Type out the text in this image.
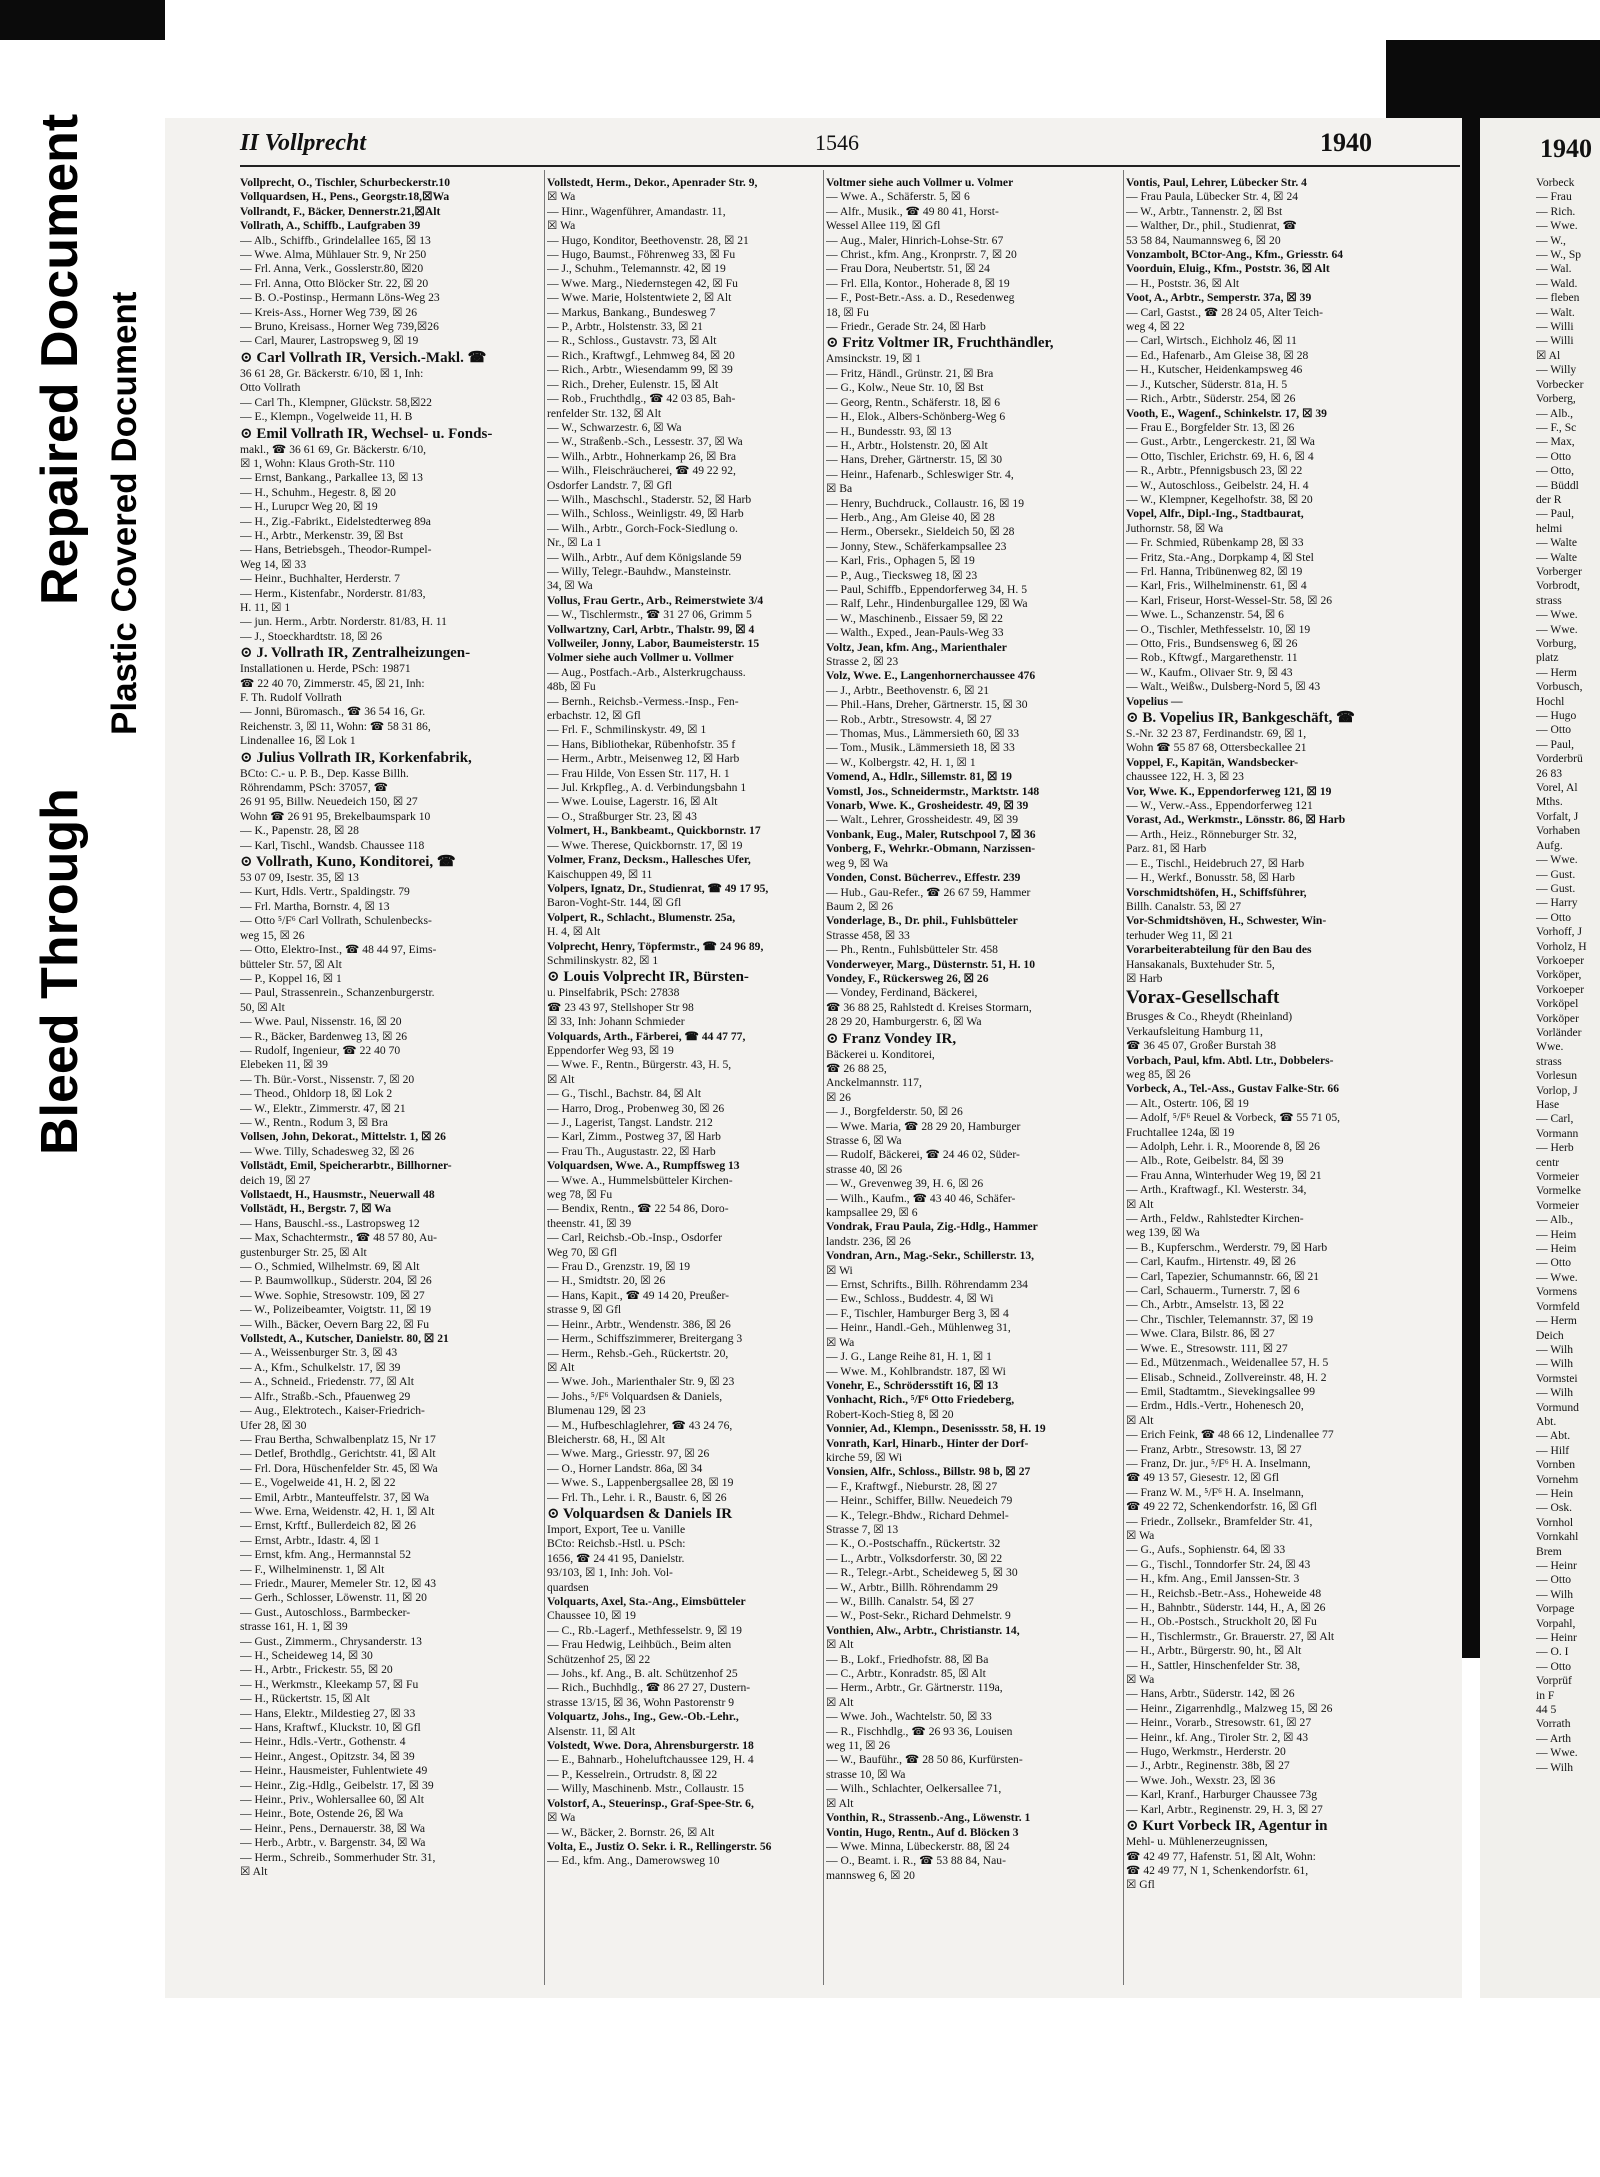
Bleed Through
Repaired Document Plastic Covered Document
II Vollprecht	1546	1940
Vollprecht, O., Tischler, Schurbeckerstr.10
Vollquardsen, H., Pens., Georgstr.18,☒Wa
Vollrandt, F., Bäcker, Dennerstr.21,☒Alt
Vollrath, A., Schiffb., Laufgraben 39
— Alb., Schiffb., Grindelallee 165, ☒ 13
— Wwe. Alma, Mühlauer Str. 9, Nr 250
— Frl. Anna, Verk., Gosslerstr.80, ☒20
— Frl. Anna, Otto Blöcker Str. 22, ☒ 20
— B. O.-Postinsp., Hermann Löns-Weg 23
— Kreis-Ass., Horner Weg 739, ☒ 26
— Bruno, Kreisass., Horner Weg 739,☒26
— Carl, Maurer, Lastropsweg 9, ☒ 19
⊙ Carl Vollrath IR, Versich.-Makl. ☎
36 61 28, Gr. Bäckerstr. 6/10, ☒ 1, Inh:
Otto Vollrath
— Carl Th., Klempner, Glückstr. 58,☒22
— E., Klempn., Vogelweide 11, H. B
⊙ Emil Vollrath IR, Wechsel- u. Fonds-
makl., ☎ 36 61 69, Gr. Bäckerstr. 6/10,
☒ 1, Wohn: Klaus Groth-Str. 110
— Ernst, Bankang., Parkallee 13, ☒ 13
— H., Schuhm., Hegestr. 8, ☒ 20
— H., Lurupcr Weg 20, ☒ 19
— H., Zig.-Fabrikt., Eidelstedterweg 89a
— H., Arbtr., Merkenstr. 39, ☒ Bst
— Hans, Betriebsgeh., Theodor-Rumpel-
Weg 14, ☒ 33
— Heinr., Buchhalter, Herderstr. 7
— Herm., Kistenfabr., Norderstr. 81/83,
H. 11, ☒ 1
— jun. Herm., Arbtr. Norderstr. 81/83, H. 11
— J., Stoeckhardtstr. 18, ☒ 26
⊙ J. Vollrath IR, Zentralheizungen-
Installationen u. Herde, PSch: 19871
☎ 22 40 70, Zimmerstr. 45, ☒ 21, Inh:
F. Th. Rudolf Vollrath
— Jonni, Büromasch., ☎ 36 54 16, Gr.
Reichenstr. 3, ☒ 11, Wohn: ☎ 58 31 86,
Lindenallee 16, ☒ Lok 1
⊙ Julius Vollrath IR, Korkenfabrik,
BCto: C.- u. P. B., Dep. Kasse Billh.
Röhrendamm, PSch: 37057, ☎
26 91 95, Billw. Neuedeich 150, ☒ 27
Wohn ☎ 26 91 95, Brekelbaumspark 10
— K., Papenstr. 28, ☒ 28
— Karl, Tischl., Wandsb. Chaussee 118
⊙ Vollrath, Kuno, Konditorei, ☎
53 07 09, Isestr. 35, ☒ 13
— Kurt, Hdls. Vertr., Spaldingstr. 79
— Frl. Martha, Bornstr. 4, ☒ 13
— Otto ⁵/F⁶ Carl Vollrath, Schulenbecks-
weg 15, ☒ 26
— Otto, Elektro-Inst., ☎ 48 44 97, Eims-
bütteler Str. 57, ☒ Alt
— P., Koppel 16, ☒ 1
— Paul, Strassenrein., Schanzenburgerstr.
50, ☒ Alt
— Wwe. Paul, Nissenstr. 16, ☒ 20
— R., Bäcker, Bardenweg 13, ☒ 26
— Rudolf, Ingenieur, ☎ 22 40 70
Elebeken 11, ☒ 39
— Th. Bür.-Vorst., Nissenstr. 7, ☒ 20
— Theod., Ohldorp 18, ☒ Lok 2
— W., Elektr., Zimmerstr. 47, ☒ 21
— W., Rentn., Rodum 3, ☒ Bra
Vollsen, John, Dekorat., Mittelstr. 1, ☒ 26
— Wwe. Tilly, Schadesweg 32, ☒ 26
Vollstädt, Emil, Speicherarbtr., Billhorner-
deich 19, ☒ 27
Vollstaedt, H., Hausmstr., Neuerwall 48
Vollstädt, H., Bergstr. 7, ☒ Wa
— Hans, Bauschl.-ss., Lastropsweg 12
— Max, Schachtermstr., ☎ 48 57 80, Au-
gustenburger Str. 25, ☒ Alt
— O., Schmied, Wilhelmstr. 69, ☒ Alt
— P. Baumwollkup., Süderstr. 204, ☒ 26
— Wwe. Sophie, Stresowstr. 109, ☒ 27
— W., Polizeibeamter, Voigtstr. 11, ☒ 19
— Wilh., Bäcker, Oevern Barg 22, ☒ Fu
Vollstedt, A., Kutscher, Danielstr. 80, ☒ 21
— A., Weissenburger Str. 3, ☒ 43
— A., Kfm., Schulkelstr. 17, ☒ 39
— A., Schneid., Friedenstr. 77, ☒ Alt
— Alfr., Straßb.-Sch., Pfauenweg 29
— Aug., Elektrotech., Kaiser-Friedrich-
Ufer 28, ☒ 30
— Frau Bertha, Schwalbenplatz 15, Nr 17
— Detlef, Brothdlg., Gerichtstr. 41, ☒ Alt
— Frl. Dora, Hüschenfelder Str. 45, ☒ Wa
— E., Vogelweide 41, H. 2, ☒ 22
— Emil, Arbtr., Manteuffelstr. 37, ☒ Wa
— Wwe. Erna, Weidenstr. 42, H. 1, ☒ Alt
— Ernst, Krftf., Bullerdeich 82, ☒ 26
— Ernst, Arbtr., Idastr. 4, ☒ 1
— Ernst, kfm. Ang., Hermannstal 52
— F., Wilhelminenstr. 1, ☒ Alt
— Friedr., Maurer, Memeler Str. 12, ☒ 43
— Gerh., Schlosser, Löwenstr. 11, ☒ 20
— Gust., Autoschloss., Barmbecker-
strasse 161, H. 1, ☒ 39
— Gust., Zimmerm., Chrysanderstr. 13
— H., Scheideweg 14, ☒ 30
— H., Arbtr., Frickestr. 55, ☒ 20
— H., Werkmstr., Kleekamp 57, ☒ Fu
— H., Rückertstr. 15, ☒ Alt
— Hans, Elektr., Mildestieg 27, ☒ 33
— Hans, Kraftwf., Kluckstr. 10, ☒ Gfl
— Heinr., Hdls.-Vertr., Gothenstr. 4
— Heinr., Angest., Opitzstr. 34, ☒ 39
— Heinr., Hausmeister, Fuhlentwiete 49
— Heinr., Zig.-Hdlg., Geibelstr. 17, ☒ 39
— Heinr., Priv., Wohlersallee 60, ☒ Alt
— Heinr., Bote, Ostende 26, ☒ Wa
— Heinr., Pens., Dernauerstr. 38, ☒ Wa
— Herb., Arbtr., v. Bargenstr. 34, ☒ Wa
— Herm., Schreib., Sommerhuder Str. 31,
☒ Alt
Vollstedt, Herm., Dekor., Apenrader Str. 9,
☒ Wa
— Hinr., Wagenführer, Amandastr. 11,
☒ Wa
— Hugo, Konditor, Beethovenstr. 28, ☒ 21
— Hugo, Baumst., Föhrenweg 33, ☒ Fu
— J., Schuhm., Telemannstr. 42, ☒ 19
— Wwe. Marg., Niedernstegen 42, ☒ Fu
— Wwe. Marie, Holstentwiete 2, ☒ Alt
— Markus, Bankang., Bundesweg 7
— P., Arbtr., Holstenstr. 33, ☒ 21
— R., Schloss., Gustavstr. 73, ☒ Alt
— Rich., Kraftwgf., Lehmweg 84, ☒ 20
— Rich., Arbtr., Wiesendamm 99, ☒ 39
— Rich., Dreher, Eulenstr. 15, ☒ Alt
— Rob., Fruchthdlg., ☎ 42 03 85, Bah-
renfelder Str. 132, ☒ Alt
— W., Schwarzestr. 6, ☒ Wa
— W., Straßenb.-Sch., Lessestr. 37, ☒ Wa
— Wilh., Arbtr., Hohnerkamp 26, ☒ Bra
— Wilh., Fleischräucherei, ☎ 49 22 92,
Osdorfer Landstr. 7, ☒ Gfl
— Wilh., Maschschl., Staderstr. 52, ☒ Harb
— Wilh., Schloss., Weinligstr. 49, ☒ Harb
— Wilh., Arbtr., Gorch-Fock-Siedlung o.
Nr., ☒ La 1
— Wilh., Arbtr., Auf dem Königslande 59
— Willy, Telegr.-Bauhdw., Mansteinstr.
34, ☒ Wa
Vollus, Frau Gertr., Arb., Reimerstwiete 3/4
— W., Tischlermstr., ☎ 31 27 06, Grimm 5
Vollwartzny, Carl, Arbtr., Thalstr. 99, ☒ 4
Vollweiler, Jonny, Labor, Baumeisterstr. 15
Volmer siehe auch Vollmer u. Vollmer
— Aug., Postfach.-Arb., Alsterkrugchauss.
48b, ☒ Fu
— Bernh., Reichsb.-Vermess.-Insp., Fen-
erbachstr. 12, ☒ Gfl
— Frl. F., Schmilinskystr. 49, ☒ 1
— Hans, Bibliothekar, Rübenhofstr. 35 f
— Herm., Arbtr., Meisenweg 12, ☒ Harb
— Frau Hilde, Von Essen Str. 117, H. 1
— Jul. Krkpfleg., A. d. Verbindungsbahn 1
— Wwe. Louise, Lagerstr. 16, ☒ Alt
— O., Straßburger Str. 23, ☒ 43
Volmert, H., Bankbeamt., Quickbornstr. 17
— Wwe. Therese, Quickbornstr. 17, ☒ 19
Volmer, Franz, Decksm., Hallesches Ufer,
Kaischuppen 49, ☒ 11
Volpers, Ignatz, Dr., Studienrat, ☎ 49 17 95,
Baron-Voght-Str. 144, ☒ Gfl
Volpert, R., Schlacht., Blumenstr. 25a,
H. 4, ☒ Alt
Volprecht, Henry, Töpfermstr., ☎ 24 96 89,
Schmilinskystr. 82, ☒ 1
⊙ Louis Volprecht IR, Bürsten-
u. Pinselfabrik, PSch: 27838
☎ 23 43 97, Stellshoper Str 98
☒ 33, Inh: Johann Schmieder
Volquards, Arth., Färberei, ☎ 44 47 77,
Eppendorfer Weg 93, ☒ 19
— Wwe. F., Rentn., Bürgerstr. 43, H. 5,
☒ Alt
— G., Tischl., Bachstr. 84, ☒ Alt
— Harro, Drog., Probenweg 30, ☒ 26
— J., Lagerist, Tangst. Landstr. 212
— Karl, Zimm., Postweg 37, ☒ Harb
— Frau Th., Augustastr. 22, ☒ Harb
Volquardsen, Wwe. A., Rumpffsweg 13
— Wwe. A., Hummelsbütteler Kirchen-
weg 78, ☒ Fu
— Bendix, Rentn., ☎ 22 54 86, Doro-
theenstr. 41, ☒ 39
— Carl, Reichsb.-Ob.-Insp., Osdorfer
Weg 70, ☒ Gfl
— Frau D., Grenzstr. 19, ☒ 19
— H., Smidtstr. 20, ☒ 26
— Hans, Kapit., ☎ 49 14 20, Preußer-
strasse 9, ☒ Gfl
— Heinr., Arbtr., Wendenstr. 386, ☒ 26
— Herm., Schiffszimmerer, Breitergang 3
— Herm., Rehsb.-Geh., Rückertstr. 20,
☒ Alt
— Wwe. Joh., Marienthaler Str. 9, ☒ 23
— Johs., ⁵/F⁶ Volquardsen & Daniels,
Blumenau 129, ☒ 23
— M., Hufbeschlaglehrer, ☎ 43 24 76,
Bleicherstr. 68, H., ☒ Alt
— Wwe. Marg., Griesstr. 97, ☒ 26
— O., Horner Landstr. 86a, ☒ 34
— Wwe. S., Lappenbergsallee 28, ☒ 19
— Frl. Th., Lehr. i. R., Baustr. 6, ☒ 26
⊙ Volquardsen & Daniels IR
Import, Export, Tee u. Vanille
BCto: Reichsb.-Hstl. u. PSch:
1656, ☎ 24 41 95, Danielstr.
93/103, ☒ 1, Inh: Joh. Vol-
quardsen
Volquarts, Axel, Sta.-Ang., Eimsbütteler
Chaussee 10, ☒ 19
— C., Rb.-Lagerf., Methfesselstr. 9, ☒ 19
— Frau Hedwig, Leihbüch., Beim alten
Schützenhof 25, ☒ 22
— Johs., kf. Ang., B. alt. Schützenhof 25
— Rich., Buchhdlg., ☎ 86 27 27, Dustern-
strasse 13/15, ☒ 36, Wohn Pastorenstr 9
Volquartz, Johs., Ing., Gew.-Ob.-Lehr.,
Alsenstr. 11, ☒ Alt
Volstedt, Wwe. Dora, Ahrensburgerstr. 18
— E., Bahnarb., Hoheluftchaussee 129, H. 4
— P., Kesselrein., Ortrudstr. 8, ☒ 22
— Willy, Maschinenb. Mstr., Collaustr. 15
Volstorf, A., Steuerinsp., Graf-Spee-Str. 6,
☒ Wa
— W., Bäcker, 2. Bornstr. 26, ☒ Alt
Volta, E., Justiz O. Sekr. i. R., Rellingerstr. 56
— Ed., kfm. Ang., Damerowsweg 10
Voltmer siehe auch Vollmer u. Volmer
— Wwe. A., Schäferstr. 5, ☒ 6
— Alfr., Musik., ☎ 49 80 41, Horst-
Wessel Allee 119, ☒ Gfl
— Aug., Maler, Hinrich-Lohse-Str. 67
— Christ., kfm. Ang., Kronprstr. 7, ☒ 20
— Frau Dora, Neubertstr. 51, ☒ 24
— Frl. Ella, Kontor., Hoherade 8, ☒ 19
— F., Post-Betr.-Ass. a. D., Resedenweg
18, ☒ Fu
— Friedr., Gerade Str. 24, ☒ Harb
⊙ Fritz Voltmer IR, Fruchthändler,
Amsinckstr. 19, ☒ 1
— Fritz, Händl., Grünstr. 21, ☒ Bra
— G., Kolw., Neue Str. 10, ☒ Bst
— Georg, Rentn., Schäferstr. 18, ☒ 6
— H., Elok., Albers-Schönberg-Weg 6
— H., Bundesstr. 93, ☒ 13
— H., Arbtr., Holstenstr. 20, ☒ Alt
— Hans, Dreher, Gärtnerstr. 15, ☒ 30
— Heinr., Hafenarb., Schleswiger Str. 4,
☒ Ba
— Henry, Buchdruck., Collaustr. 16, ☒ 19
— Herb., Ang., Am Gleise 40, ☒ 28
— Herm., Obersekr., Sieldeich 50, ☒ 28
— Jonny, Stew., Schäferkampsallee 23
— Karl, Fris., Ophagen 5, ☒ 19
— P., Aug., Tiecksweg 18, ☒ 23
— Paul, Schiffb., Eppendorferweg 34, H. 5
— Ralf, Lehr., Hindenburgallee 129, ☒ Wa
— W., Maschinenb., Eissaer 59, ☒ 22
— Walth., Exped., Jean-Pauls-Weg 33
Voltz, Jean, kfm. Ang., Marienthaler
Strasse 2, ☒ 23
Volz, Wwe. E., Langenhornerchaussee 476
— J., Arbtr., Beethovenstr. 6, ☒ 21
— Phil.-Hans, Dreher, Gärtnerstr. 15, ☒ 30
— Rob., Arbtr., Stresowstr. 4, ☒ 27
— Thomas, Mus., Lämmersieth 60, ☒ 33
— Tom., Musik., Lämmersieth 18, ☒ 33
— W., Kolbergstr. 42, H. 1, ☒ 1
Vomend, A., Hdlr., Sillemstr. 81, ☒ 19
Vomstl, Jos., Schneidermstr., Marktstr. 148
Vonarb, Wwe. K., Grosheidestr. 49, ☒ 39
— Walt., Lehrer, Grossheidestr. 49, ☒ 39
Vonbank, Eug., Maler, Rutschpool 7, ☒ 36
Vonberg, F., Wehrkr.-Obmann, Narzissen-
weg 9, ☒ Wa
Vonden, Const. Bücherrev., Effestr. 239
— Hub., Gau-Refer., ☎ 26 67 59, Hammer
Baum 2, ☒ 26
Vonderlage, B., Dr. phil., Fuhlsbütteler
Strasse 458, ☒ 33
— Ph., Rentn., Fuhlsbütteler Str. 458
Vonderweyer, Marg., Düsternstr. 51, H. 10
Vondey, F., Rückersweg 26, ☒ 26
— Vondey, Ferdinand, Bäckerei,
☎ 36 88 25, Rahlstedt d. Kreises Stormarn,
28 29 20, Hamburgerstr. 6, ☒ Wa
⊙ Franz Vondey IR,
Bäckerei u. Konditorei,
☎ 26 88 25,
Anckelmannstr. 117,
☒ 26
— J., Borgfelderstr. 50, ☒ 26
— Wwe. Maria, ☎ 28 29 20, Hamburger
Strasse 6, ☒ Wa
— Rudolf, Bäckerei, ☎ 24 46 02, Süder-
strasse 40, ☒ 26
— W., Grevenweg 39, H. 6, ☒ 26
— Wilh., Kaufm., ☎ 43 40 46, Schäfer-
kampsallee 29, ☒ 6
Vondrak, Frau Paula, Zig.-Hdlg., Hammer
landstr. 236, ☒ 26
Vondran, Arn., Mag.-Sekr., Schillerstr. 13,
☒ Wi
— Ernst, Schrifts., Billh. Röhrendamm 234
— Ew., Schloss., Buddestr. 4, ☒ Wi
— F., Tischler, Hamburger Berg 3, ☒ 4
— Heinr., Handl.-Geh., Mühlenweg 31,
☒ Wa
— J. G., Lange Reihe 81, H. 1, ☒ 1
— Wwe. M., Kohlbrandstr. 187, ☒ Wi
Vonehr, E., Schrödersstift 16, ☒ 13
Vonhacht, Rich., ⁵/F⁶ Otto Friedeberg,
Robert-Koch-Stieg 8, ☒ 20
Vonnier, Ad., Klempn., Desenissstr. 58, H. 19
Vonrath, Karl, Hinarb., Hinter der Dorf-
kirche 59, ☒ Wi
Vonsien, Alfr., Schloss., Billstr. 98 b, ☒ 27
— F., Kraftwgf., Nieburstr. 28, ☒ 27
— Heinr., Schiffer, Billw. Neuedeich 79
— K., Telegr.-Bhdw., Richard Dehmel-
Strasse 7, ☒ 13
— K., O.-Postschaffn., Rückertstr. 32
— L., Arbtr., Volksdorferstr. 30, ☒ 22
— R., Telegr.-Arbt., Scheideweg 5, ☒ 30
— W., Arbtr., Billh. Röhrendamm 29
— W., Billh. Canalstr. 54, ☒ 27
— W., Post-Sekr., Richard Dehmelstr. 9
Vonthien, Alw., Arbtr., Christianstr. 14,
☒ Alt
— B., Lokf., Friedhofstr. 88, ☒ Ba
— C., Arbtr., Konradstr. 85, ☒ Alt
— Herm., Arbtr., Gr. Gärtnerstr. 119a,
☒ Alt
— Wwe. Joh., Wachtelstr. 50, ☒ 33
— R., Fischhdlg., ☎ 26 93 36, Louisen
weg 11, ☒ 26
— W., Bauführ., ☎ 28 50 86, Kurfürsten-
strasse 10, ☒ Wa
— Wilh., Schlachter, Oelkersallee 71,
☒ Alt
Vonthin, R., Strassenb.-Ang., Löwenstr. 1
Vontin, Hugo, Rentn., Auf d. Blöcken 3
— Wwe. Minna, Lübeckerstr. 88, ☒ 24
— O., Beamt. i. R., ☎ 53 88 84, Nau-
mannsweg 6, ☒ 20
Vontis, Paul, Lehrer, Lübecker Str. 4
— Frau Paula, Lübecker Str. 4, ☒ 24
— W., Arbtr., Tannenstr. 2, ☒ Bst
— Walther, Dr., phil., Studienrat, ☎
53 58 84, Naumannsweg 6, ☒ 20
Vonzambolt, BCtor-Ang., Kfm., Griesstr. 64
Voorduin, Eluig., Kfm., Poststr. 36, ☒ Alt
— H., Poststr. 36, ☒ Alt
Voot, A., Arbtr., Semperstr. 37a, ☒ 39
— Carl, Gastst., ☎ 28 24 05, Alter Teich-
weg 4, ☒ 22
— Carl, Wirtsch., Eichholz 46, ☒ 11
— Ed., Hafenarb., Am Gleise 38, ☒ 28
— H., Kutscher, Heidenkampsweg 46
— J., Kutscher, Süderstr. 81a, H. 5
— Rich., Arbtr., Süderstr. 254, ☒ 26
Vooth, E., Wagenf., Schinkelstr. 17, ☒ 39
— Frau E., Borgfelder Str. 13, ☒ 26
— Gust., Arbtr., Lengerckestr. 21, ☒ Wa
— Otto, Tischler, Erichstr. 69, H. 6, ☒ 4
— R., Arbtr., Pfennigsbusch 23, ☒ 22
— W., Autoschloss., Geibelstr. 24, H. 4
— W., Klempner, Kegelhofstr. 38, ☒ 20
Vopel, Alfr., Dipl.-Ing., Stadtbaurat,
Juthornstr. 58, ☒ Wa
— Fr. Schmied, Rübenkamp 28, ☒ 33
— Fritz, Sta.-Ang., Dorpkamp 4, ☒ Stel
— Frl. Hanna, Tribünenweg 82, ☒ 19
— Karl, Fris., Wilhelminenstr. 61, ☒ 4
— Karl, Friseur, Horst-Wessel-Str. 58, ☒ 26
— Wwe. L., Schanzenstr. 54, ☒ 6
— O., Tischler, Methfesselstr. 10, ☒ 19
— Otto, Fris., Bundsensweg 6, ☒ 26
— Rob., Kftwgf., Margarethenstr. 11
— W., Kaufm., Olivaer Str. 9, ☒ 43
— Walt., Weißw., Dulsberg-Nord 5, ☒ 43
Vopelius —
⊙ B. Vopelius IR, Bankgeschäft, ☎
S.-Nr. 32 23 87, Ferdinandstr. 69, ☒ 1,
Wohn ☎ 55 87 68, Ottersbeckallee 21
Voppel, F., Kapitän, Wandsbecker-
chaussee 122, H. 3, ☒ 23
Vor, Wwe. K., Eppendorferweg 121, ☒ 19
— W., Verw.-Ass., Eppendorferweg 121
Vorast, Ad., Werkmstr., Lönsstr. 86, ☒ Harb
— Arth., Heiz., Rönneburger Str. 32,
Parz. 81, ☒ Harb
— E., Tischl., Heidebruch 27, ☒ Harb
— H., Werkf., Bonusstr. 58, ☒ Harb
Vorschmidtshöfen, H., Schiffsführer,
Billh. Canalstr. 53, ☒ 27
Vor-Schmidtshöven, H., Schwester, Win-
terhuder Weg 11, ☒ 21
Vorarbeiterabteilung für den Bau des
Hansakanals, Buxtehuder Str. 5,
☒ Harb
Vorax-Gesellschaft
Brusges & Co., Rheydt (Rheinland)
Verkaufsleitung Hamburg 11,
☎ 36 45 07, Großer Burstah 38
Vorbach, Paul, kfm. Abtl. Ltr., Dobbelers-
weg 85, ☒ 26
Vorbeck, A., Tel.-Ass., Gustav Falke-Str. 66
— Alt., Ostertr. 106, ☒ 19
— Adolf, ⁵/F⁶ Reuel & Vorbeck, ☎ 55 71 05,
Fruchtallee 124a, ☒ 19
— Adolph, Lehr. i. R., Moorende 8, ☒ 26
— Alb., Rote, Geibelstr. 84, ☒ 39
— Frau Anna, Winterhuder Weg 19, ☒ 21
— Arth., Kraftwagf., Kl. Westerstr. 34,
☒ Alt
— Arth., Feldw., Rahlstedter Kirchen-
weg 139, ☒ Wa
— B., Kupferschm., Werderstr. 79, ☒ Harb
— Carl, Kaufm., Hirtenstr. 49, ☒ 26
— Carl, Tapezier, Schumannstr. 66, ☒ 21
— Carl, Schauerm., Turnerstr. 7, ☒ 6
— Ch., Arbtr., Amselstr. 13, ☒ 22
— Chr., Tischler, Telemannstr. 37, ☒ 19
— Wwe. Clara, Bilstr. 86, ☒ 27
— Wwe. E., Stresowstr. 111, ☒ 27
— Ed., Mützenmach., Weidenallee 57, H. 5
— Elisab., Schneid., Zollvereinstr. 48, H. 2
— Emil, Stadtamtm., Sievekingsallee 99
— Erdm., Hdls.-Vertr., Hohenesch 20,
☒ Alt
— Erich Feink, ☎ 48 66 12, Lindenallee 77
— Franz, Arbtr., Stresowstr. 13, ☒ 27
— Franz, Dr. jur., ⁵/F⁶ H. A. Inselmann,
☎ 49 13 57, Giesestr. 12, ☒ Gfl
— Franz W. M., ⁵/F⁶ H. A. Inselmann,
☎ 49 22 72, Schenkendorfstr. 16, ☒ Gfl
— Friedr., Zollsekr., Bramfelder Str. 41,
☒ Wa
— G., Aufs., Sophienstr. 64, ☒ 33
— G., Tischl., Tonndorfer Str. 24, ☒ 43
— H., kfm. Ang., Emil Janssen-Str. 3
— H., Reichsb.-Betr.-Ass., Hoheweide 48
— H., Bahnbtr., Süderstr. 144, H., A, ☒ 26
— H., Ob.-Postsch., Struckholt 20, ☒ Fu
— H., Tischlermstr., Gr. Brauerstr. 27, ☒ Alt
— H., Arbtr., Bürgerstr. 90, ht., ☒ Alt
— H., Sattler, Hinschenfelder Str. 38,
☒ Wa
— Hans, Arbtr., Süderstr. 142, ☒ 26
— Heinr., Zigarrenhdlg., Malzweg 15, ☒ 26
— Heinr., Vorarb., Stresowstr. 61, ☒ 27
— Heinr., kf. Ang., Tiroler Str. 2, ☒ 43
— Hugo, Werkmstr., Herderstr. 20
— J., Arbtr., Reginenstr. 38b, ☒ 27
— Wwe. Joh., Wexstr. 23, ☒ 36
— Karl, Kranf., Harburger Chaussee 73g
— Karl, Arbtr., Reginenstr. 29, H. 3, ☒ 27
⊙ Kurt Vorbeck IR, Agentur in
Mehl- u. Mühlenerzeugnissen,
☎ 42 49 77, Hafenstr. 51, ☒ Alt, Wohn:
☎ 42 49 77, N 1, Schenkendorfstr. 61,
☒ Gfl
1940
Vorbeck
— Frau
— Rich.
— Wwe.
— W.,
— W., Sp
— Wal.
— Wald.
— fleben
— Walt.
— Willi
— Willi
☒ Al
— Willy
Vorbecker
Vorberg,
— Alb.,
— F., Sc
— Max,
— Otto
— Otto,
— Büddl
der R
— Paul,
helmi
— Walte
— Walte
Vorberger
Vorbrodt,
strass
— Wwe.
— Wwe.
Vorburg,
platz
— Herm
Vorbusch,
Hochl
— Hugo
— Otto
— Paul,
Vorderbrü
26 83
Vorel, Al
Mths.
Vorfalt, J
Vorhaben
Aufg.
— Wwe.
— Gust.
— Gust.
— Harry
— Otto
Vorhoff, J
Vorholz, H
Vorkoeper
Vorköper,
Vorkoeper
Vorköpel
Vorköper
Vorländer
Wwe.
strass
Vorlesun
Vorlop, J
Hase
— Carl,
Vormann
— Herb
centr
Vormeier
Vormelke
Vormeier
— Alb.,
— Heim
— Heim
— Otto
— Wwe.
Vormens
Vormfeld
— Herm
Deich
— Wilh
— Wilh
Vormstei
— Wilh
Vormund
Abt.
— Abt.
— Hilf
Vornben
Vornehm
— Hein
— Osk.
Vornhol
Vornkahl
Brem
— Heinr
— Otto
— Wilh
Vorpage
Vorpahl,
— Heinr
— O. I
— Otto
Vorprüf
in F
44 5
Vorrath
— Arth
— Wwe.
— Wilh
